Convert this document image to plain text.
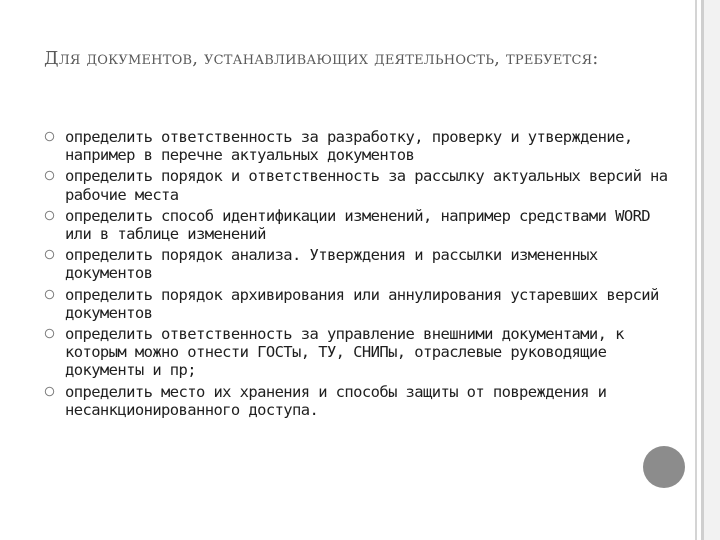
Для документов, устанавливающих деятельность, требуется:
определить ответственность за разработку, проверку и утверждение, например в перечне актуальных документов
определить порядок и ответственность за рассылку актуальных версий на рабочие места
определить способ идентификации изменений, например средствами WORD или в таблице изменений
определить порядок анализа. Утверждения и рассылки измененных документов
определить порядок архивирования или аннулирования устаревших версий документов
определить ответственность за управление внешними документами, к которым можно отнести ГОСТы, ТУ, СНИПы, отраслевые руководящие документы и пр;
определить место их хранения и способы защиты от повреждения и несанкционированного доступа.
